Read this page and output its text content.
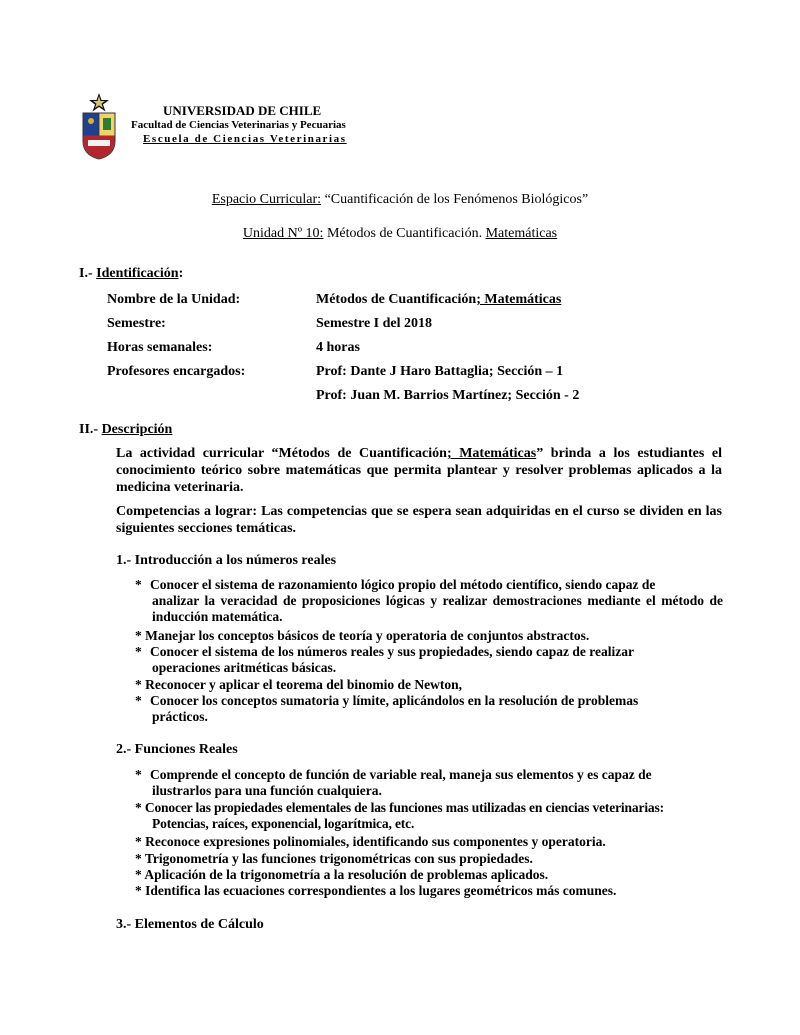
UNIVERSIDAD DE CHILE
Facultad de Ciencias Veterinarias y Pecuarias
Escuela de Ciencias Veterinarias
Espacio Curricular: “Cuantificación de los Fenómenos Biológicos”
Unidad Nº 10: Métodos de Cuantificación. Matemáticas
I.- Identificación:
Nombre de la Unidad:	Métodos de Cuantificación; Matemáticas
Semestre:	Semestre I del 2018
Horas semanales:	4 horas
Profesores encargados:	Prof: Dante J Haro Battaglia; Sección – 1
Prof: Juan M. Barrios Martínez; Sección - 2
II.- Descripción
La actividad curricular “Métodos de Cuantificación; Matemáticas” brinda a los estudiantes el conocimiento teórico sobre matemáticas que permita plantear y resolver problemas aplicados a la medicina veterinaria.
Competencias a lograr: Las competencias que se espera sean adquiridas en el curso se dividen en las siguientes secciones temáticas.
1.- Introducción a los números reales
* Conocer el sistema de razonamiento lógico propio del método científico, siendo capaz de
analizar la veracidad de proposiciones lógicas y realizar demostraciones mediante el método de inducción matemática.
* Manejar los conceptos básicos de teoría y operatoria de conjuntos abstractos.
* Conocer el sistema de los números reales y sus propiedades, siendo capaz de realizar
operaciones aritméticas básicas.
* Reconocer y aplicar el teorema del binomio de Newton,
* Conocer los conceptos sumatoria y límite, aplicándolos en la resolución de problemas
prácticos.
2.- Funciones Reales
* Comprende el concepto de función de variable real, maneja sus elementos y es capaz de
ilustrarlos para una función cualquiera.
* Conocer las propiedades elementales de las funciones mas utilizadas en ciencias veterinarias:
Potencias, raíces, exponencial, logarítmica, etc.
* Reconoce expresiones polinomiales, identificando sus componentes y operatoria.
* Trigonometría y las funciones trigonométricas con sus propiedades.
* Aplicación de la trigonometría a la resolución de problemas aplicados.
* Identifica las ecuaciones correspondientes a los lugares geométricos más comunes.
3.- Elementos de Cálculo
